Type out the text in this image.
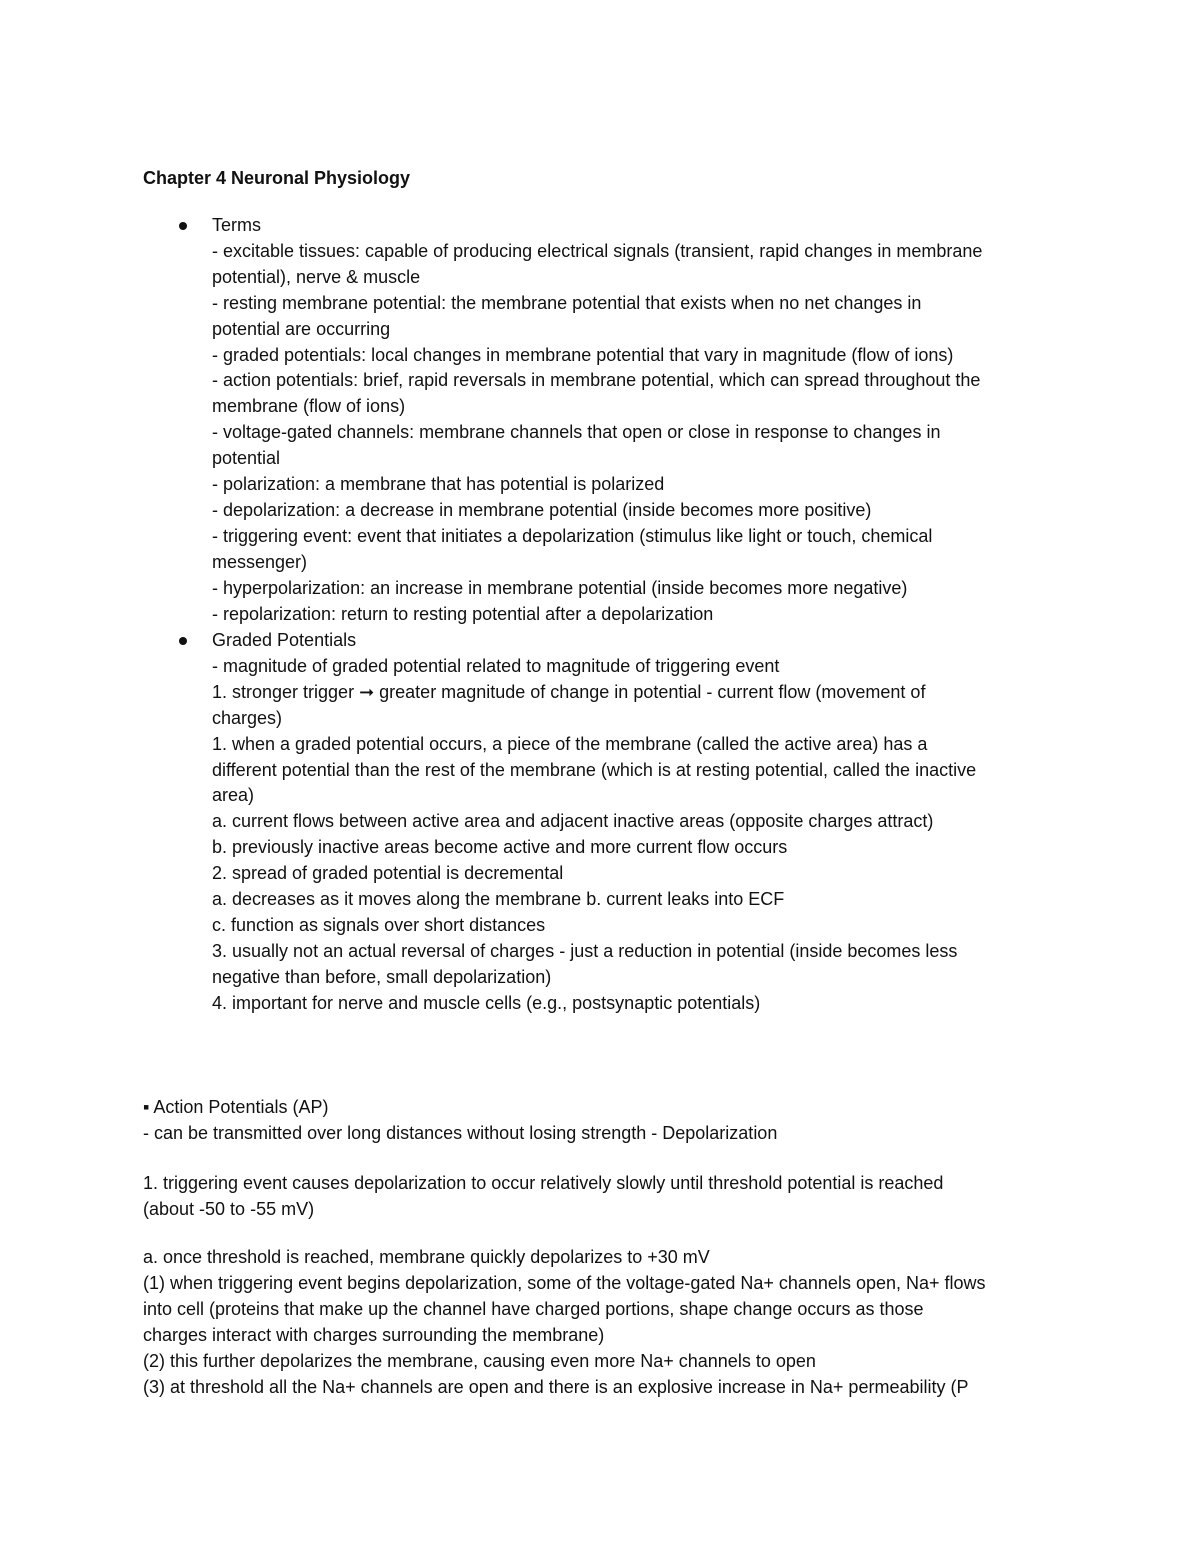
Chapter 4 Neuronal Physiology
Terms
- excitable tissues: capable of producing electrical signals (transient, rapid changes in membrane
potential), nerve & muscle
- resting membrane potential: the membrane potential that exists when no net changes in
potential are occurring
- graded potentials: local changes in membrane potential that vary in magnitude (flow of ions)
- action potentials: brief, rapid reversals in membrane potential, which can spread throughout the
membrane (flow of ions)
- voltage-gated channels: membrane channels that open or close in response to changes in
potential
- polarization: a membrane that has potential is polarized
- depolarization: a decrease in membrane potential (inside becomes more positive)
- triggering event: event that initiates a depolarization (stimulus like light or touch, chemical
messenger)
- hyperpolarization: an increase in membrane potential (inside becomes more negative)
- repolarization: return to resting potential after a depolarization
Graded Potentials
- magnitude of graded potential related to magnitude of triggering event
1. stronger trigger ➞ greater magnitude of change in potential - current flow (movement of
charges)
1. when a graded potential occurs, a piece of the membrane (called the active area) has a
different potential than the rest of the membrane (which is at resting potential, called the inactive
area)
a. current flows between active area and adjacent inactive areas (opposite charges attract)
b. previously inactive areas become active and more current flow occurs
2. spread of graded potential is decremental
a. decreases as it moves along the membrane b. current leaks into ECF
c. function as signals over short distances
3. usually not an actual reversal of charges - just a reduction in potential (inside becomes less
negative than before, small depolarization)
4. important for nerve and muscle cells (e.g., postsynaptic potentials)
▪ Action Potentials (AP)
- can be transmitted over long distances without losing strength - Depolarization
1. triggering event causes depolarization to occur relatively slowly until threshold potential is reached
(about -50 to -55 mV)
a. once threshold is reached, membrane quickly depolarizes to +30 mV
(1) when triggering event begins depolarization, some of the voltage-gated Na+ channels open, Na+ flows
into cell (proteins that make up the channel have charged portions, shape change occurs as those
charges interact with charges surrounding the membrane)
(2) this further depolarizes the membrane, causing even more Na+ channels to open
(3) at threshold all the Na+ channels are open and there is an explosive increase in Na+ permeability (P
